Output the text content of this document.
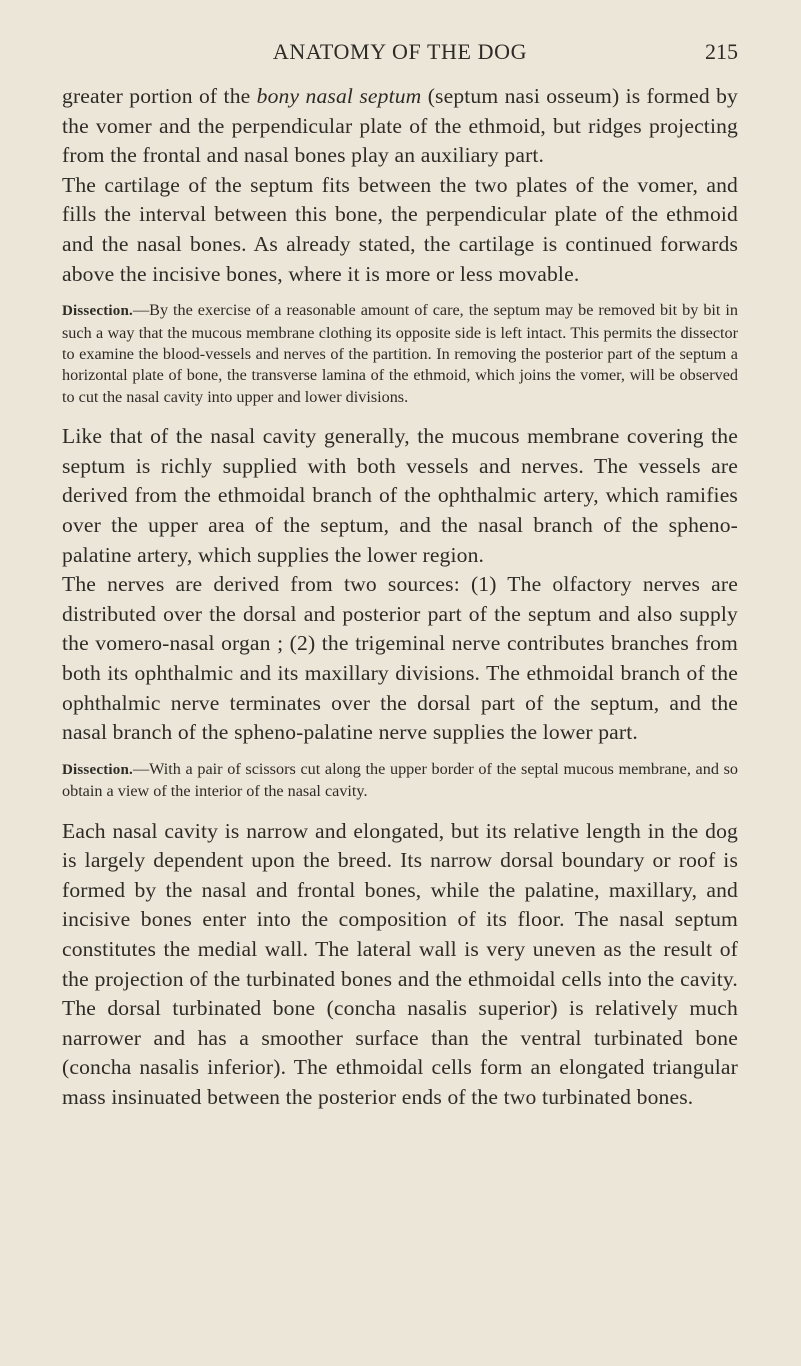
ANATOMY OF THE DOG	215

greater portion of the bony nasal septum (septum nasi osseum) is formed by the vomer and the perpendicular plate of the ethmoid, but ridges projecting from the frontal and nasal bones play an auxiliary part.

The cartilage of the septum fits between the two plates of the vomer, and fills the interval between this bone, the perpendicular plate of the ethmoid and the nasal bones. As already stated, the cartilage is continued forwards above the incisive bones, where it is more or less movable.

Dissection.—By the exercise of a reasonable amount of care, the septum may be removed bit by bit in such a way that the mucous membrane clothing its opposite side is left intact. This permits the dissector to examine the blood-vessels and nerves of the partition. In removing the posterior part of the septum a horizontal plate of bone, the transverse lamina of the ethmoid, which joins the vomer, will be observed to cut the nasal cavity into upper and lower divisions.

Like that of the nasal cavity generally, the mucous membrane covering the septum is richly supplied with both vessels and nerves. The vessels are derived from the ethmoidal branch of the ophthalmic artery, which ramifies over the upper area of the septum, and the nasal branch of the spheno-palatine artery, which supplies the lower region.

The nerves are derived from two sources: (1) The olfactory nerves are distributed over the dorsal and posterior part of the septum and also supply the vomero-nasal organ ; (2) the trigeminal nerve contributes branches from both its ophthalmic and its maxillary divisions. The ethmoidal branch of the ophthalmic nerve terminates over the dorsal part of the septum, and the nasal branch of the spheno-palatine nerve supplies the lower part.

Dissection.—With a pair of scissors cut along the upper border of the septal mucous membrane, and so obtain a view of the interior of the nasal cavity.

Each nasal cavity is narrow and elongated, but its relative length in the dog is largely dependent upon the breed. Its narrow dorsal boundary or roof is formed by the nasal and frontal bones, while the palatine, maxillary, and incisive bones enter into the composition of its floor. The nasal septum constitutes the medial wall. The lateral wall is very uneven as the result of the projection of the turbinated bones and the ethmoidal cells into the cavity. The dorsal turbinated bone (concha nasalis superior) is relatively much narrower and has a smoother surface than the ventral turbinated bone (concha nasalis inferior). The ethmoidal cells form an elongated triangular mass insinuated between the posterior ends of the two turbinated bones.
